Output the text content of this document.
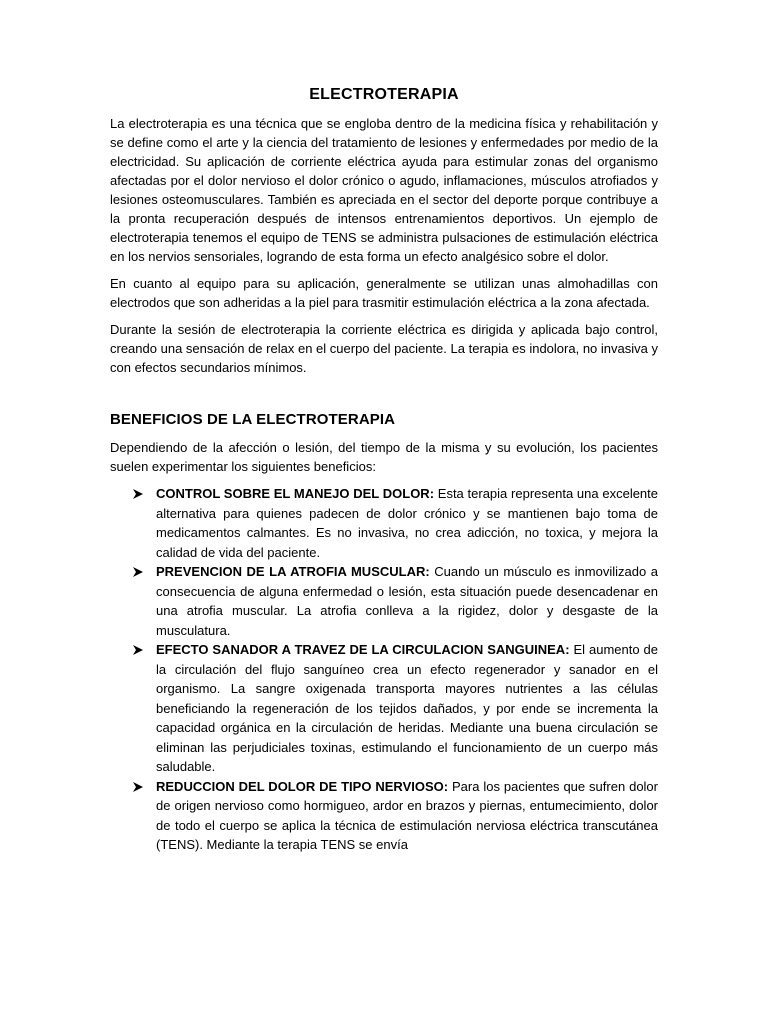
ELECTROTERAPIA

La electroterapia es una técnica que se engloba dentro de la medicina física y rehabilitación y se define como el arte y la ciencia del tratamiento de lesiones y enfermedades por medio de la electricidad. Su aplicación de corriente eléctrica ayuda para estimular zonas del organismo afectadas por el dolor nervioso el dolor crónico o agudo, inflamaciones, músculos atrofiados y lesiones osteomusculares. También es apreciada en el sector del deporte porque contribuye a la pronta recuperación después de intensos entrenamientos deportivos. Un ejemplo de electroterapia tenemos el equipo de TENS se administra pulsaciones de estimulación eléctrica en los nervios sensoriales, logrando de esta forma un efecto analgésico sobre el dolor.

En cuanto al equipo para su aplicación, generalmente se utilizan unas almohadillas con electrodos que son adheridas a la piel para trasmitir estimulación eléctrica a la zona afectada.

Durante la sesión de electroterapia la corriente eléctrica es dirigida y aplicada bajo control, creando una sensación de relax en el cuerpo del paciente. La terapia es indolora, no invasiva y con efectos secundarios mínimos.

BENEFICIOS DE LA ELECTROTERAPIA

Dependiendo de la afección o lesión, del tiempo de la misma y su evolución, los pacientes suelen experimentar los siguientes beneficios:

CONTROL SOBRE EL MANEJO DEL DOLOR: Esta terapia representa una excelente alternativa para quienes padecen de dolor crónico y se mantienen bajo toma de medicamentos calmantes. Es no invasiva, no crea adicción, no toxica, y mejora la calidad de vida del paciente.
PREVENCION DE LA ATROFIA MUSCULAR: Cuando un músculo es inmovilizado a consecuencia de alguna enfermedad o lesión, esta situación puede desencadenar en una atrofia muscular. La atrofia conlleva a la rigidez, dolor y desgaste de la musculatura.
EFECTO SANADOR A TRAVEZ DE LA CIRCULACION SANGUINEA: El aumento de la circulación del flujo sanguíneo crea un efecto regenerador y sanador en el organismo. La sangre oxigenada transporta mayores nutrientes a las células beneficiando la regeneración de los tejidos dañados, y por ende se incrementa la capacidad orgánica en la circulación de heridas. Mediante una buena circulación se eliminan las perjudiciales toxinas, estimulando el funcionamiento de un cuerpo más saludable.
REDUCCION DEL DOLOR DE TIPO NERVIOSO: Para los pacientes que sufren dolor de origen nervioso como hormigueo, ardor en brazos y piernas, entumecimiento, dolor de todo el cuerpo se aplica la técnica de estimulación nerviosa eléctrica transcutánea (TENS). Mediante la terapia TENS se envía
